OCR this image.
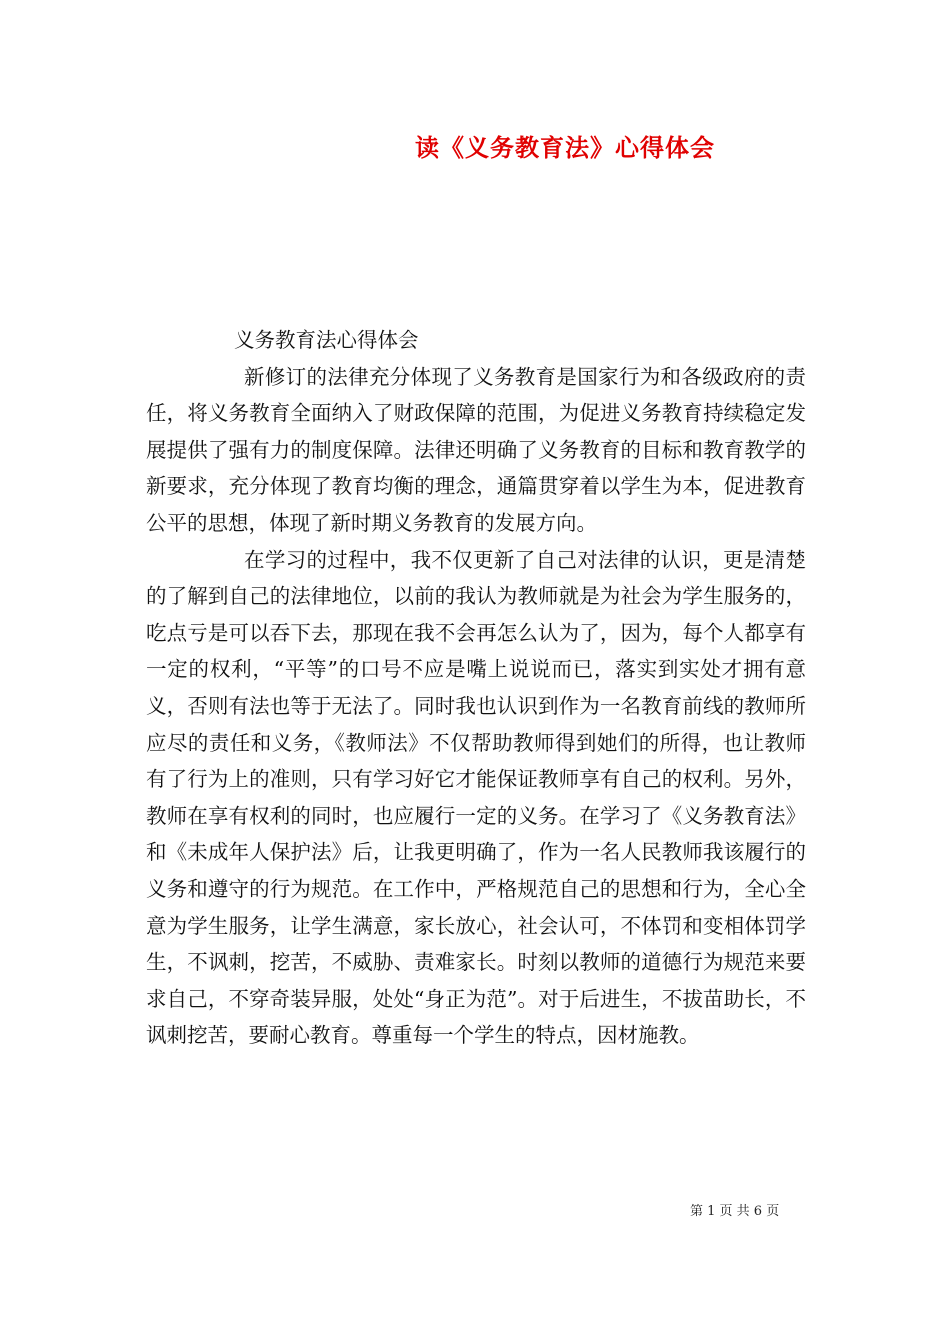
读《义务教育法》心得体会

义务教育法心得体会

新修订的法律充分体现了义务教育是国家行为和各级政府的责任，将义务教育全面纳入了财政保障的范围，为促进义务教育持续稳定发展提供了强有力的制度保障。法律还明确了义务教育的目标和教育教学的新要求，充分体现了教育均衡的理念，通篇贯穿着以学生为本，促进教育公平的思想，体现了新时期义务教育的发展方向。

在学习的过程中，我不仅更新了自己对法律的认识，更是清楚的了解到自己的法律地位，以前的我认为教师就是为社会为学生服务的，吃点亏是可以吞下去，那现在我不会再怎么认为了，因为，每个人都享有一定的权利，“平等”的口号不应是嘴上说说而已，落实到实处才拥有意义，否则有法也等于无法了。同时我也认识到作为一名教育前线的教师所应尽的责任和义务，《教师法》不仅帮助教师得到她们的所得，也让教师有了行为上的准则，只有学习好它才能保证教师享有自己的权利。另外，教师在享有权利的同时，也应履行一定的义务。在学习了《义务教育法》和《未成年人保护法》后，让我更明确了，作为一名人民教师我该履行的义务和遵守的行为规范。在工作中，严格规范自己的思想和行为，全心全意为学生服务，让学生满意，家长放心，社会认可，不体罚和变相体罚学生，不讽刺，挖苦，不威胁、责难家长。时刻以教师的道德行为规范来要求自己，不穿奇装异服，处处“身正为范”。对于后进生，不拔苗助长，不讽刺挖苦，要耐心教育。尊重每一个学生的特点，因材施教。

第 1 页 共 6 页
